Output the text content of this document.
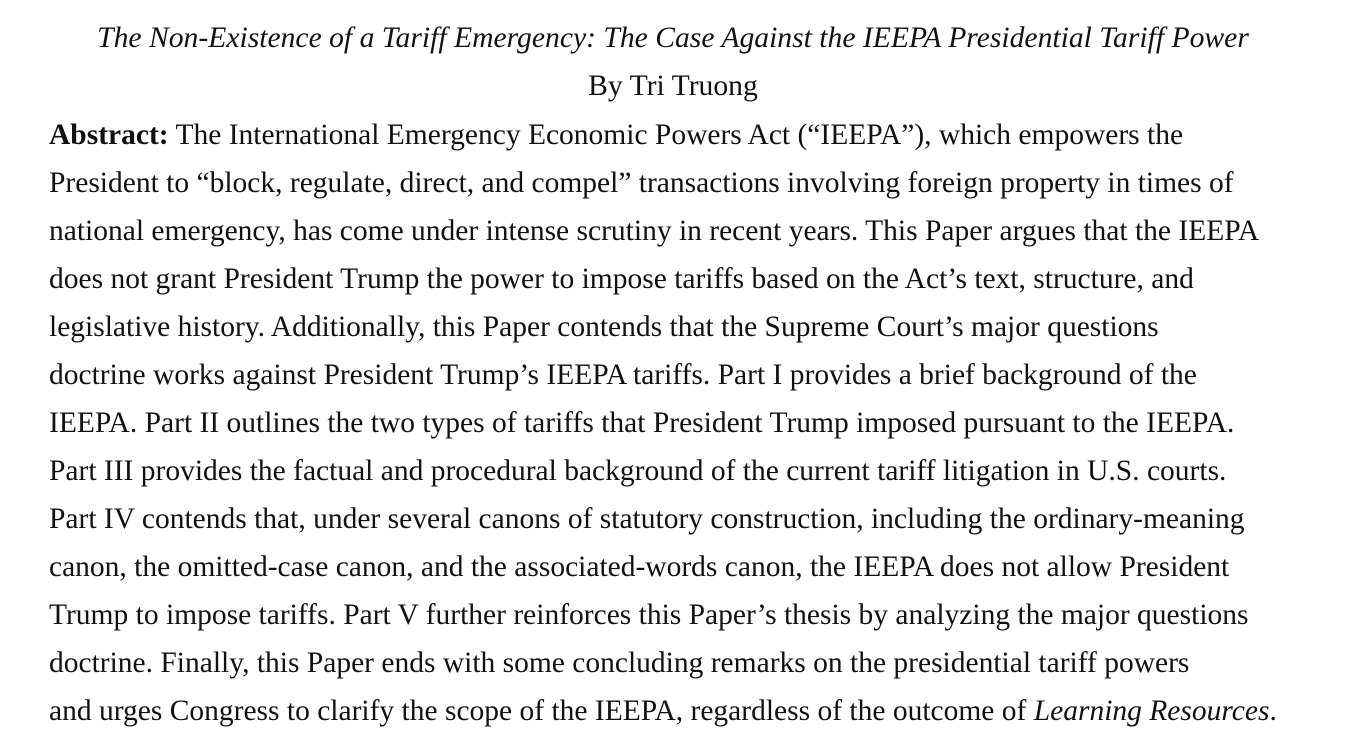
The Non-Existence of a Tariff Emergency: The Case Against the IEEPA Presidential Tariff Power
By Tri Truong
Abstract: The International Emergency Economic Powers Act (“IEEPA”), which empowers the
President to “block, regulate, direct, and compel” transactions involving foreign property in times of
national emergency, has come under intense scrutiny in recent years. This Paper argues that the IEEPA
does not grant President Trump the power to impose tariffs based on the Act’s text, structure, and
legislative history. Additionally, this Paper contends that the Supreme Court’s major questions
doctrine works against President Trump’s IEEPA tariffs. Part I provides a brief background of the
IEEPA. Part II outlines the two types of tariffs that President Trump imposed pursuant to the IEEPA.
Part III provides the factual and procedural background of the current tariff litigation in U.S. courts.
Part IV contends that, under several canons of statutory construction, including the ordinary-meaning
canon, the omitted-case canon, and the associated-words canon, the IEEPA does not allow President
Trump to impose tariffs. Part V further reinforces this Paper’s thesis by analyzing the major questions
doctrine. Finally, this Paper ends with some concluding remarks on the presidential tariff powers
and urges Congress to clarify the scope of the IEEPA, regardless of the outcome of Learning Resources.
